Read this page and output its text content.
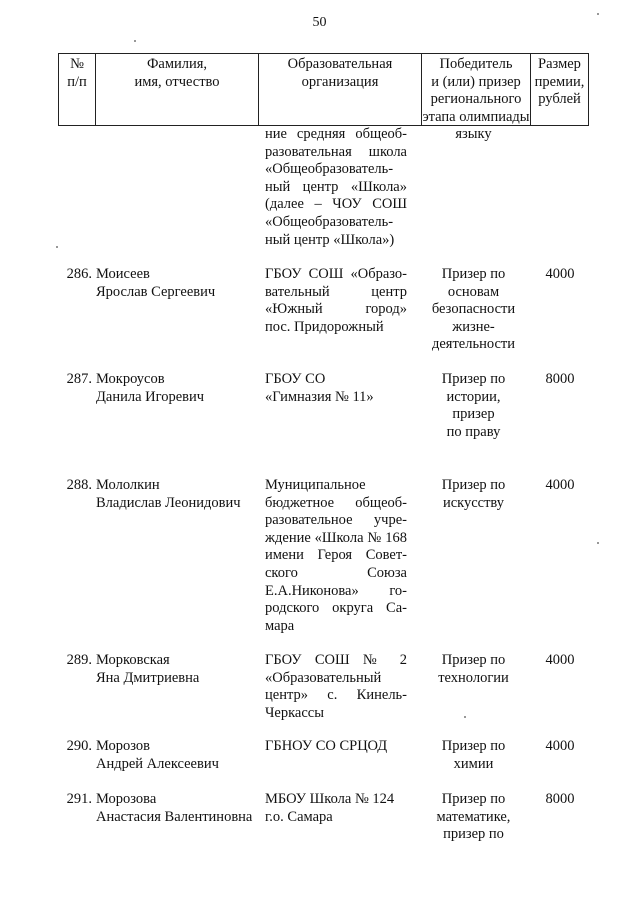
50
№
п/п
Фамилия,
имя, отчество
Образовательная
организация
Победитель
и (или) призер
регионального
этапа олимпиады
Размер
премии,
рублей
ние средняя общеоб-
разовательная школа
«Общеобразователь-
ный центр «Школа»
(далее – ЧОУ СОШ
«Общеобразователь-
ный центр «Школа»)
языку
286. Моисеев
Ярослав Сергеевич
ГБОУ СОШ «Образо-
вательный центр
«Южный город»
пос. Придорожный
Призер по
основам
безопасности
жизне-
деятельности
4000
287. Мокроусов
Данила Игоревич
ГБОУ СО
«Гимназия № 11»
Призер по
истории,
призер
по праву
8000
288. Мололкин
Владислав Леонидович
Муниципальное
бюджетное общеоб-
разовательное учре-
ждение «Школа № 168
имени Героя Совет-
ского Союза
Е.А.Никонова» го-
родского округа Са-
мара
Призер по
искусству
4000
289. Морковская
Яна Дмитриевна
ГБОУ СОШ № 2
«Образовательный
центр» с. Кинель-
Черкассы
Призер по
технологии
4000
290. Морозов
Андрей Алексеевич
ГБНОУ СО СРЦОД	Призер по
химии
4000
291. Морозова
Анастасия Валентиновна
МБОУ Школа № 124
г.о. Самара
Призер по
математике,
призер по
8000
